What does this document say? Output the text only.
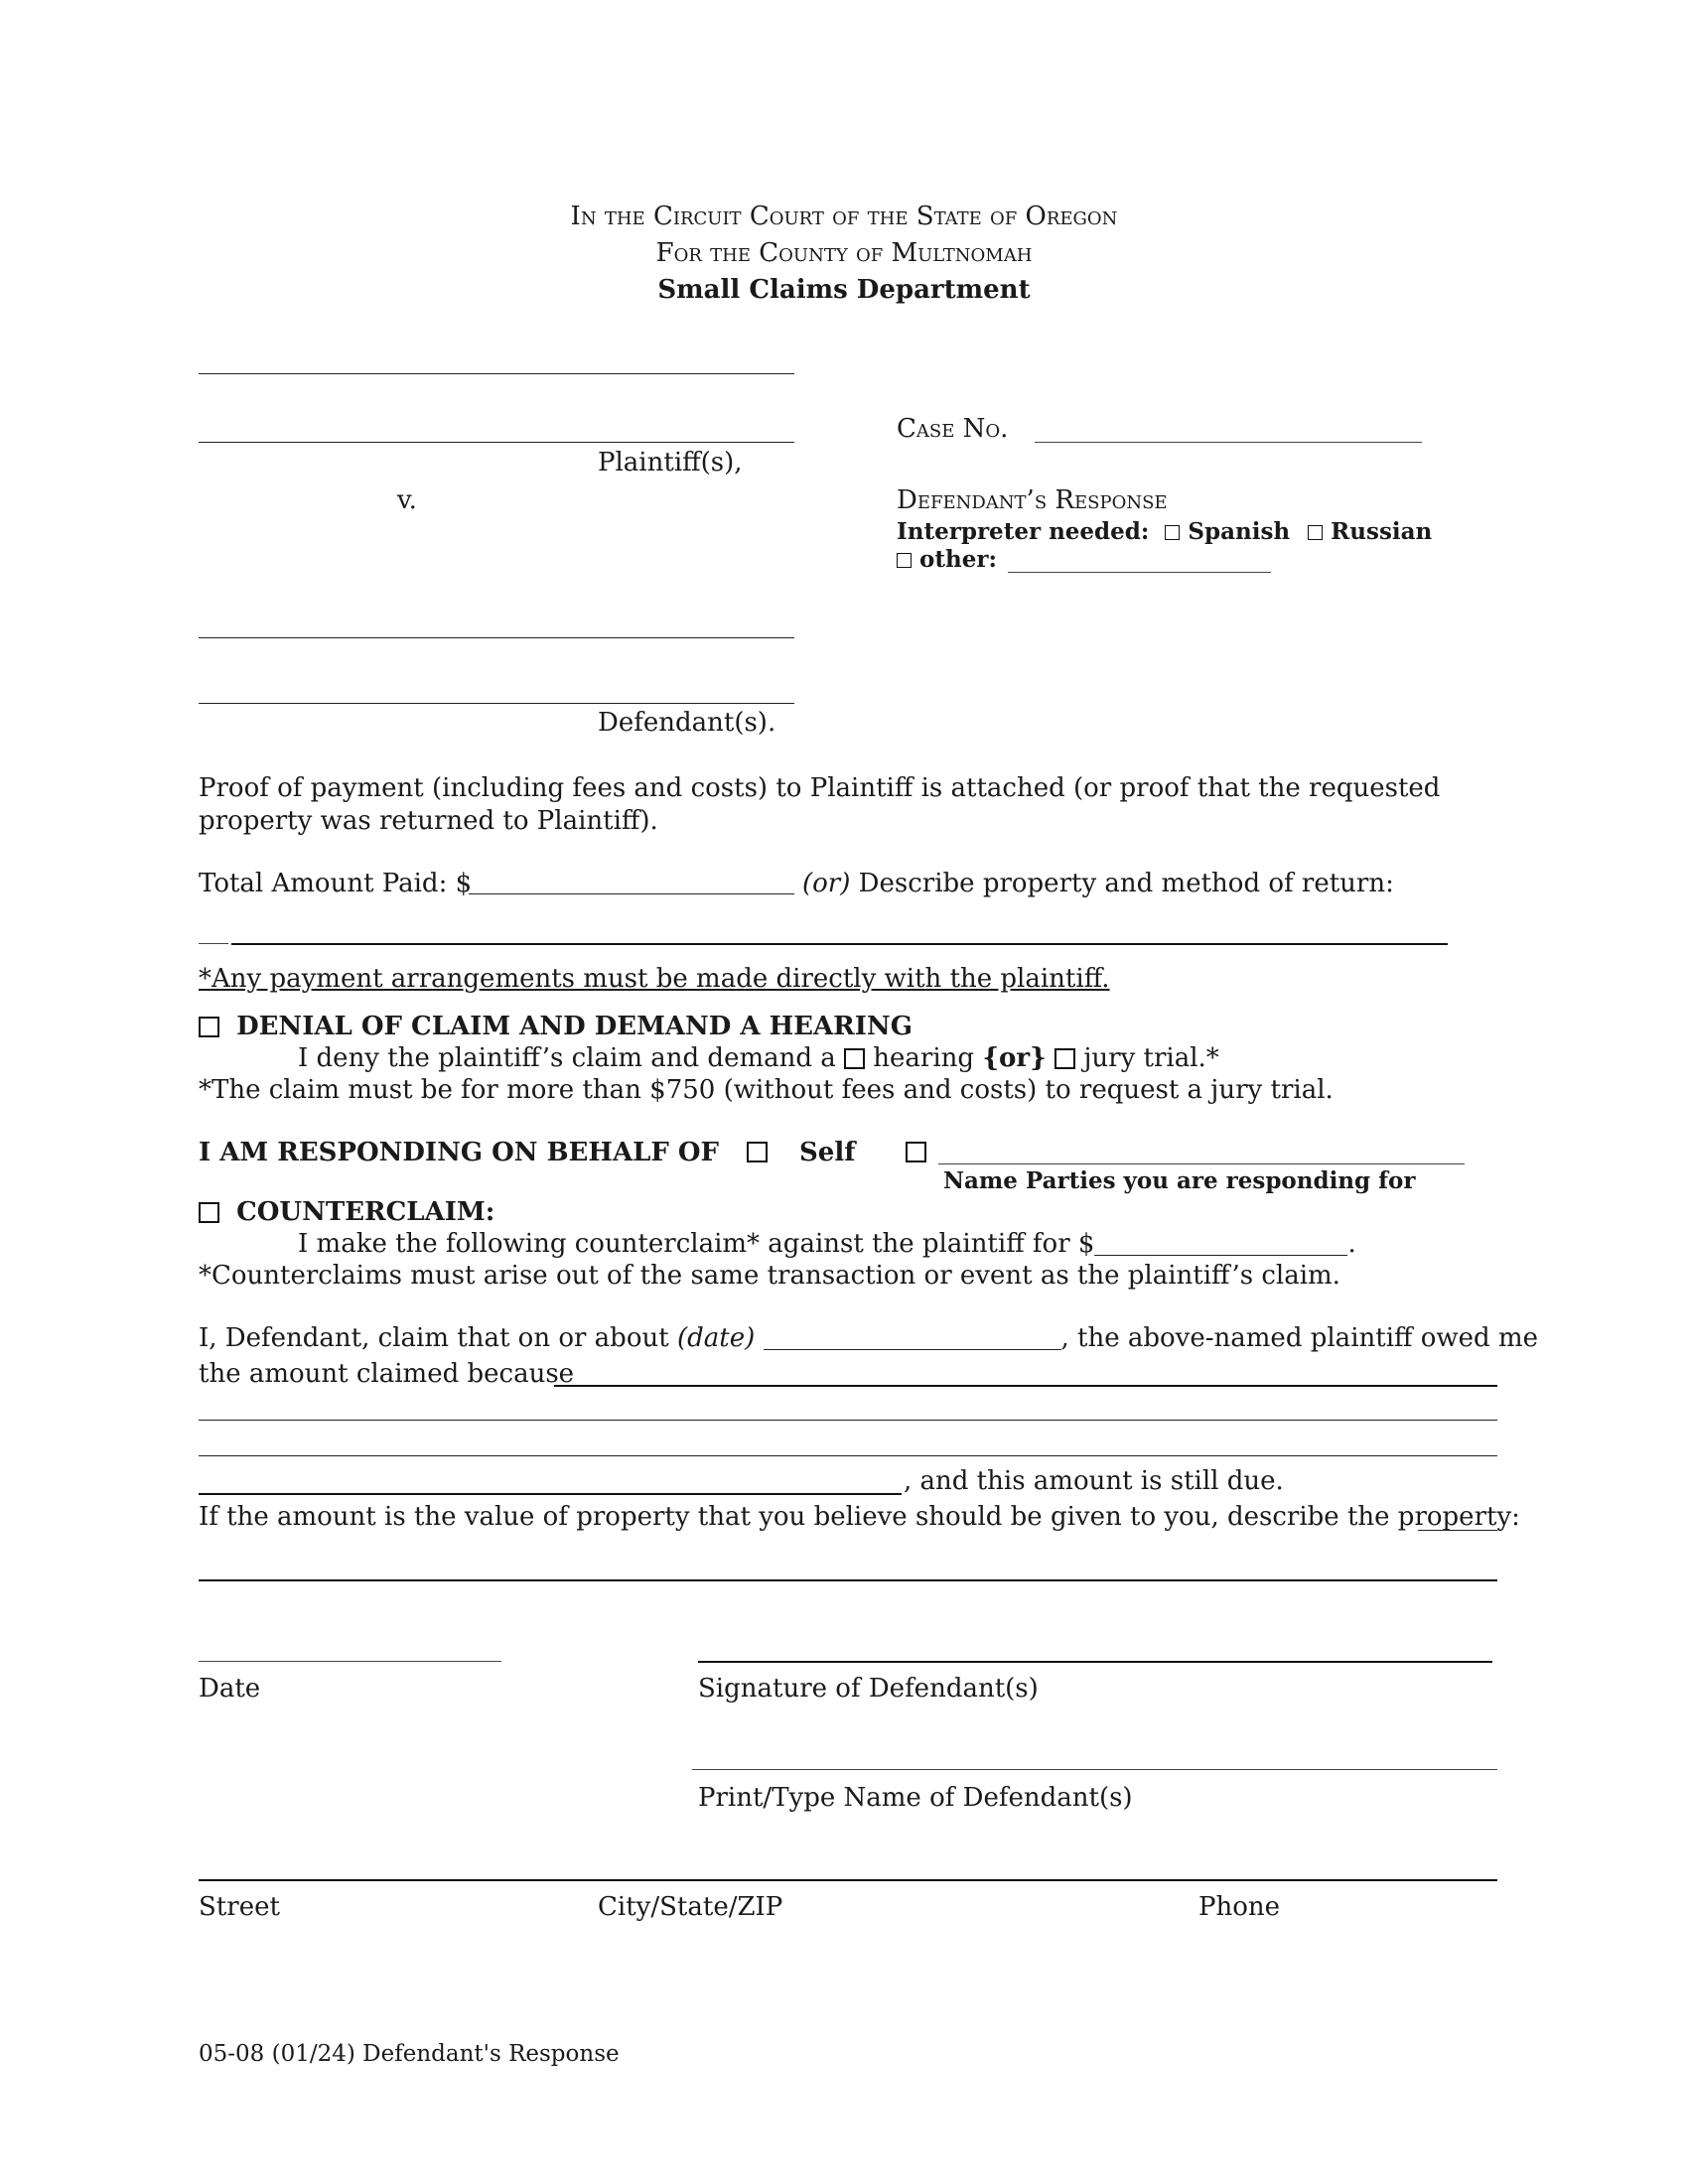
In the Circuit Court of the State of Oregon
For the County of Multnomah
Small Claims Department
Plaintiff(s),
v.
Defendant(s).
Case No.
Defendant’s Response
Interpreter needed: Spanish Russian
other:
Proof of payment (including fees and costs) to Plaintiff is attached (or proof that the requested
property was returned to Plaintiff).
Total Amount Paid: $	(or) Describe property and method of return:
*Any payment arrangements must be made directly with the plaintiff.
DENIAL OF CLAIM AND DEMAND A HEARING
I deny the plaintiff’s claim and demand a hearing {or} jury trial.*
*The claim must be for more than $750 (without fees and costs) to request a jury trial.
I AM RESPONDING ON BEHALF OF	Self
Name Parties you are responding for
COUNTERCLAIM:
I make the following counterclaim* against the plaintiff for $	.
*Counterclaims must arise out of the same transaction or event as the plaintiff’s claim.
I, Defendant, claim that on or about (date)	, the above-named plaintiff owed me
the amount claimed because
, and this amount is still due.
If the amount is the value of property that you believe should be given to you, describe the property:
Date	Signature of Defendant(s)
Print/Type Name of Defendant(s)
Street	City/State/ZIP	Phone
05-08 (01/24) Defendant's Response
